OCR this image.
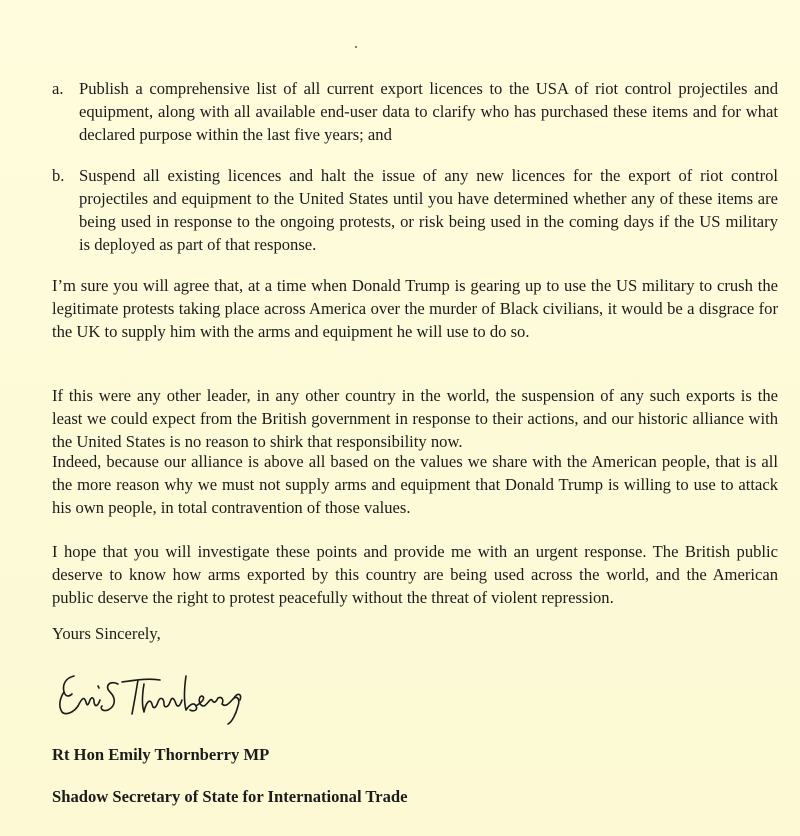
a. Publish a comprehensive list of all current export licences to the USA of riot control projectiles and equipment, along with all available end-user data to clarify who has purchased these items and for what declared purpose within the last five years; and
b. Suspend all existing licences and halt the issue of any new licences for the export of riot control projectiles and equipment to the United States until you have determined whether any of these items are being used in response to the ongoing protests, or risk being used in the coming days if the US military is deployed as part of that response.

I’m sure you will agree that, at a time when Donald Trump is gearing up to use the US military to crush the legitimate protests taking place across America over the murder of Black civilians, it would be a disgrace for the UK to supply him with the arms and equipment he will use to do so.

If this were any other leader, in any other country in the world, the suspension of any such exports is the least we could expect from the British government in response to their actions, and our historic alliance with the United States is no reason to shirk that responsibility now.

Indeed, because our alliance is above all based on the values we share with the American people, that is all the more reason why we must not supply arms and equipment that Donald Trump is willing to use to attack his own people, in total contravention of those values.

I hope that you will investigate these points and provide me with an urgent response. The British public deserve to know how arms exported by this country are being used across the world, and the American public deserve the right to protest peacefully without the threat of violent repression.

Yours Sincerely,

Rt Hon Emily Thornberry MP
Shadow Secretary of State for International Trade
